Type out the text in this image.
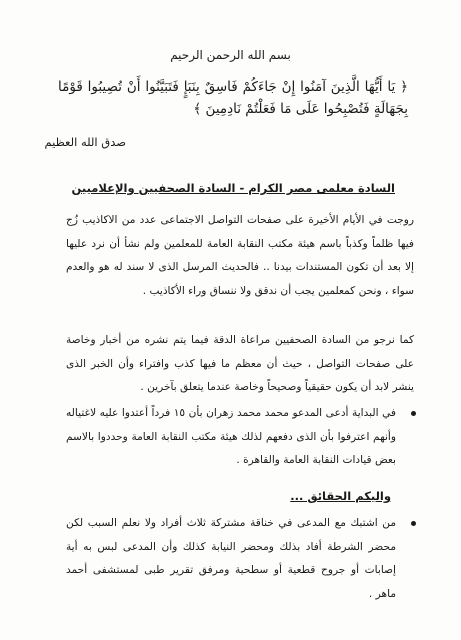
بسم الله الرحمن الرحيم
﴿ يَا أَيُّهَا الَّذِينَ آمَنُوا إِنْ جَاءَكُمْ فَاسِقٌ بِنَبَإٍ فَتَبَيَّنُوا أَنْ تُصِيبُوا قَوْمًا بِجَهَالَةٍ فَتُصْبِحُوا عَلَى مَا فَعَلْتُمْ نَادِمِينَ ﴾
صدق الله العظيم
السادة معلمى مصر الكرام - السادة الصحفيين والإعلاميين
روجت في الأيام الأخيرة على صفحات التواصل الاجتماعى عدد من الاكاذيب زُج فيها ظلماً وكذباً باسم هيئة مكتب النقابة العامة للمعلمين ولم نشأ أن نرد عليها إلا بعد أن تكون المستندات بيدنا .. فالحديث المرسل الذى لا سند له هو والعدم سواء ، ونحن كمعلمين يجب أن ندقق ولا ننساق وراء الأكاذيب .
كما نرجو من السادة الصحفيين مراعاة الدقة فيما يتم نشره من أخبار وخاصة على صفحات التواصل ، حيث أن معظم ما فيها كذب وافتراء وأن الخبر الذى ينشر لابد أن يكون حقيقياً وصحيحاً وخاصة عندما يتعلق بآخرين .
في البداية أدعى المدعو محمد محمد زهران بأن ١٥ فرداً أعتدوا عليه لاغتياله وأنهم اعترفوا بأن الذى دفعهم لذلك هيئة مكتب النقابة العامة وحددوا بالاسم بعض قيادات النقابة العامة والقاهرة .
واليكم الحقائق ...
من اشتبك مع المدعى في خناقة مشتركة ثلاث أفراد ولا نعلم السبب لكن محضر الشرطة أفاد بذلك ومحضر النيابة كذلك وأن المدعى لبس به أية إصابات أو جروح قطعية أو سطحية ومرفق تقرير طبى لمستشفى أحمد ماهر .
